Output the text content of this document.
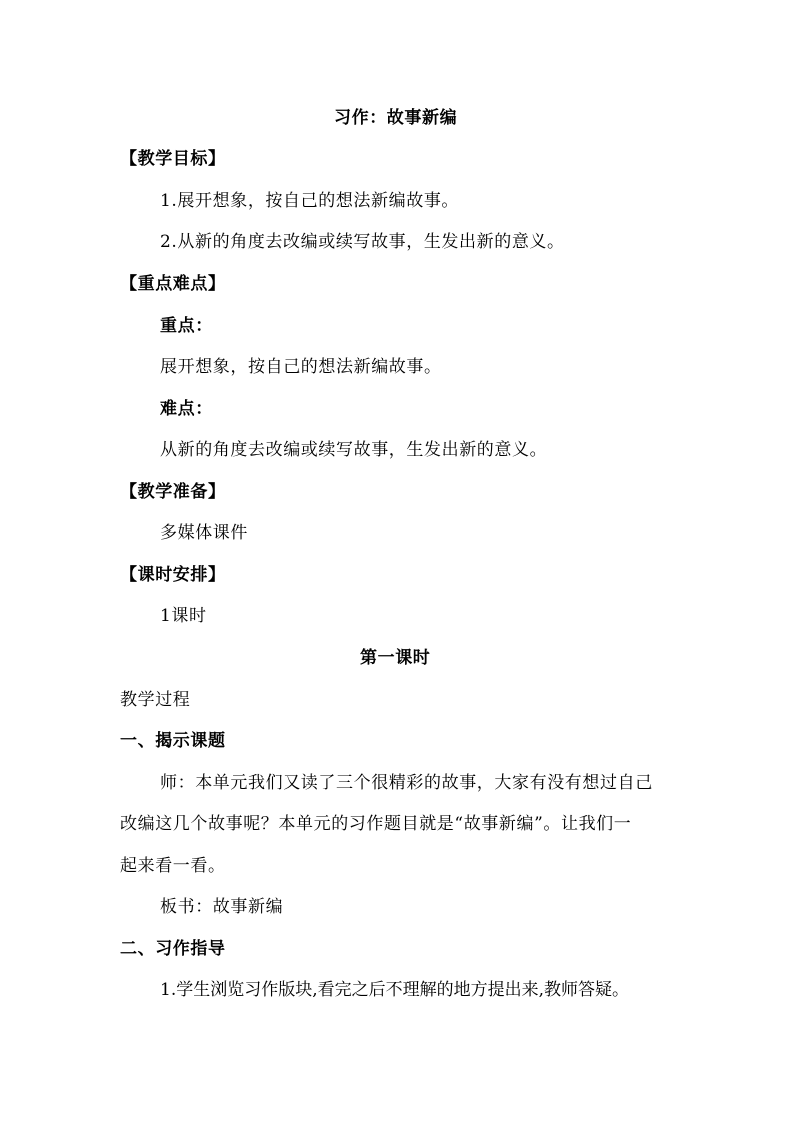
习作：故事新编
【教学目标】
1.展开想象，按自己的想法新编故事。
2.从新的角度去改编或续写故事，生发出新的意义。
【重点难点】
重点：
展开想象，按自己的想法新编故事。
难点：
从新的角度去改编或续写故事，生发出新的意义。
【教学准备】
多媒体课件
【课时安排】
1课时
第一课时
教学过程
一、揭示课题
师：本单元我们又读了三个很精彩的故事，大家有没有想过自己
改编这几个故事呢？本单元的习作题目就是“故事新编”。让我们一
起来看一看。
板书：故事新编
二、习作指导
1.学生浏览习作版块,看完之后不理解的地方提出来,教师答疑。
